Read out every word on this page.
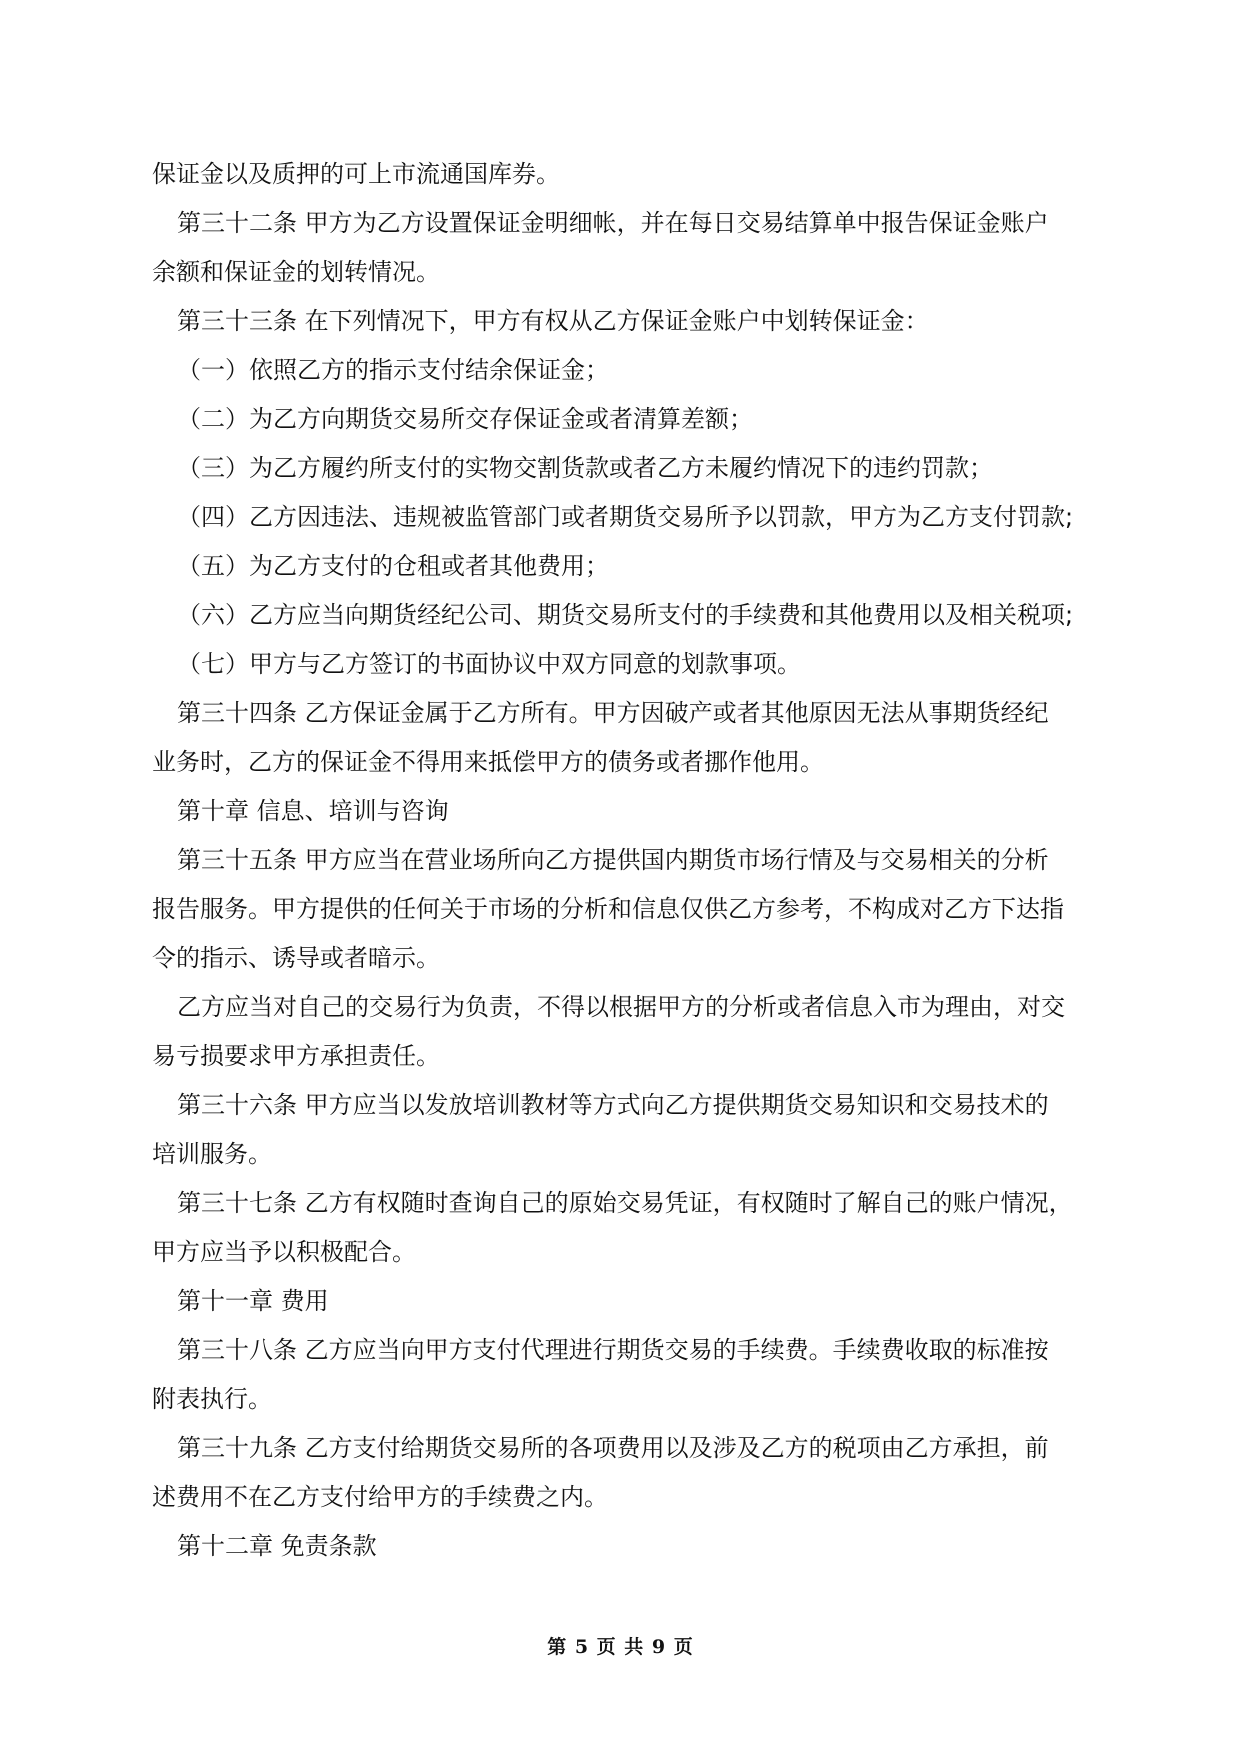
保证金以及质押的可上市流通国库券。
第三十二条 甲方为乙方设置保证金明细帐，并在每日交易结算单中报告保证金账户
余额和保证金的划转情况。
第三十三条 在下列情况下，甲方有权从乙方保证金账户中划转保证金：
（一）依照乙方的指示支付结余保证金；
（二）为乙方向期货交易所交存保证金或者清算差额；
（三）为乙方履约所支付的实物交割货款或者乙方未履约情况下的违约罚款；
（四）乙方因违法、违规被监管部门或者期货交易所予以罚款，甲方为乙方支付罚款;
（五）为乙方支付的仓租或者其他费用；
（六）乙方应当向期货经纪公司、期货交易所支付的手续费和其他费用以及相关税项;
（七）甲方与乙方签订的书面协议中双方同意的划款事项。
第三十四条 乙方保证金属于乙方所有。甲方因破产或者其他原因无法从事期货经纪
业务时，乙方的保证金不得用来抵偿甲方的债务或者挪作他用。
第十章 信息、培训与咨询
第三十五条 甲方应当在营业场所向乙方提供国内期货市场行情及与交易相关的分析
报告服务。甲方提供的任何关于市场的分析和信息仅供乙方参考，不构成对乙方下达指
令的指示、诱导或者暗示。
乙方应当对自己的交易行为负责，不得以根据甲方的分析或者信息入市为理由，对交
易亏损要求甲方承担责任。
第三十六条 甲方应当以发放培训教材等方式向乙方提供期货交易知识和交易技术的
培训服务。
第三十七条 乙方有权随时查询自己的原始交易凭证，有权随时了解自己的账户情况，
甲方应当予以积极配合。
第十一章 费用
第三十八条 乙方应当向甲方支付代理进行期货交易的手续费。手续费收取的标准按
附表执行。
第三十九条 乙方支付给期货交易所的各项费用以及涉及乙方的税项由乙方承担，前
述费用不在乙方支付给甲方的手续费之内。
第十二章 免责条款
第 5 页 共 9 页
